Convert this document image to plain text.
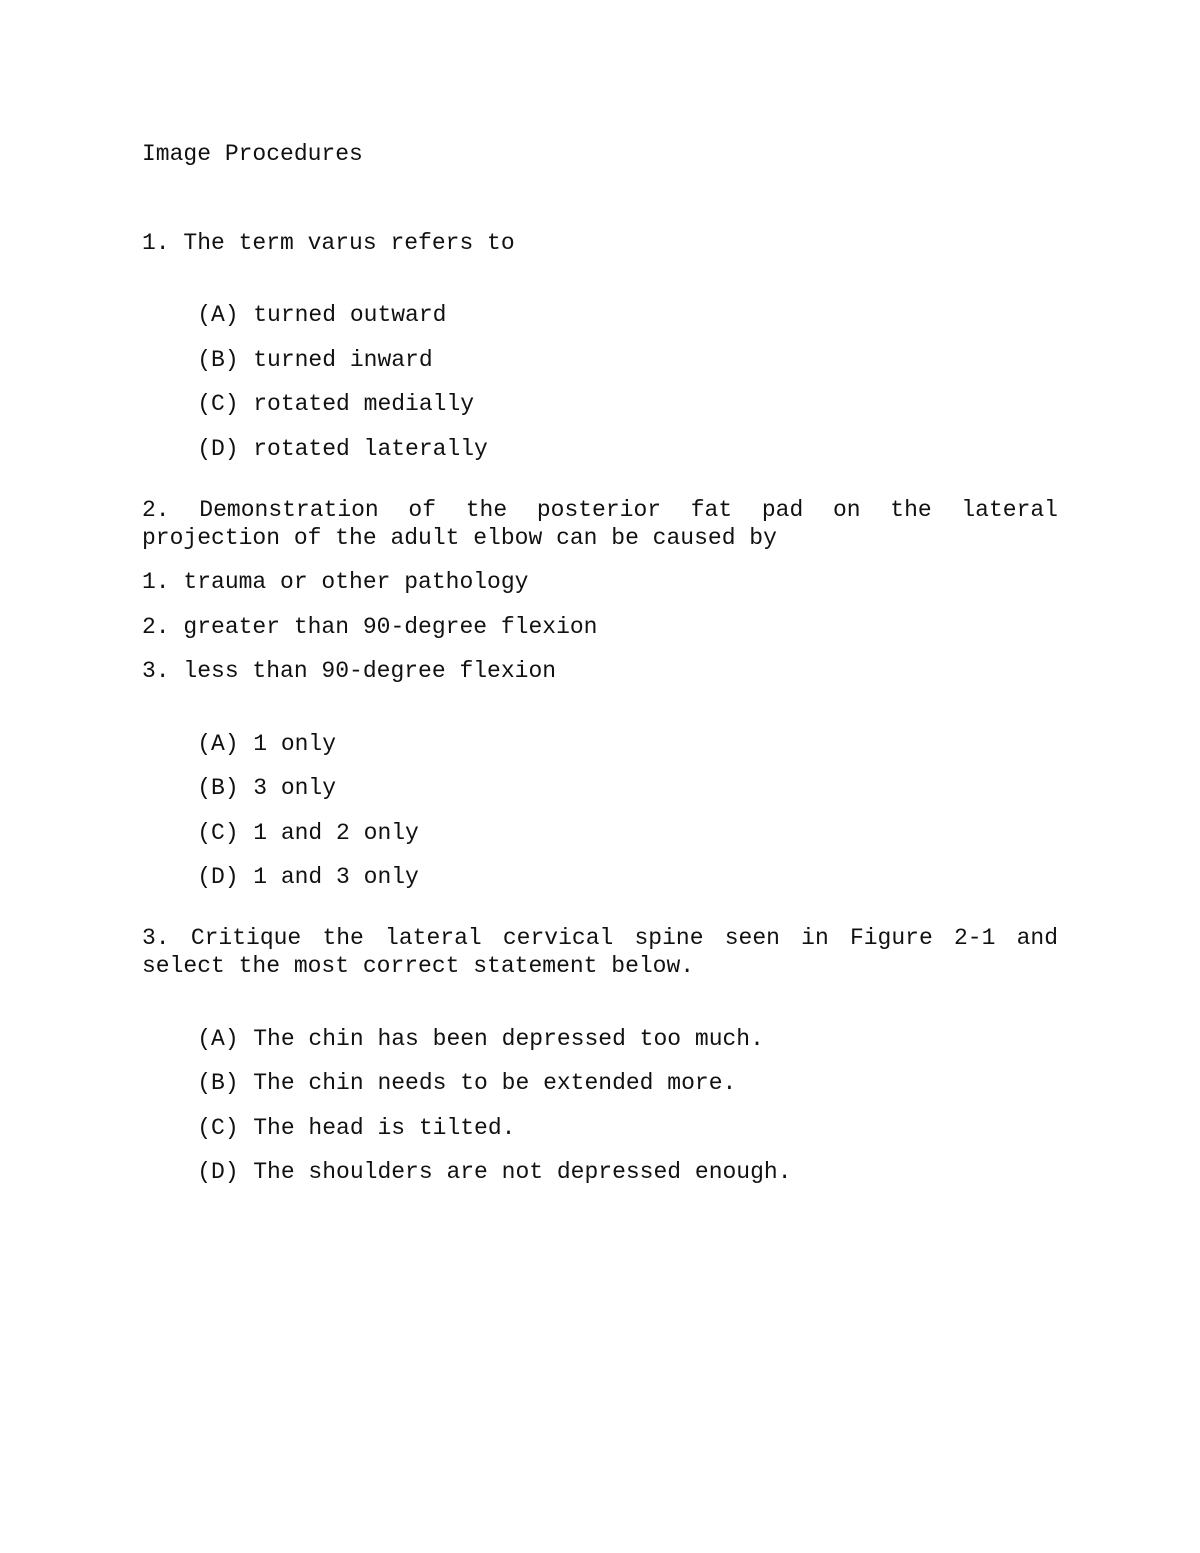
Image Procedures
1. The term varus refers to

(A) turned outward

(B) turned inward

(C) rotated medially

(D) rotated laterally

2. Demonstration of the posterior fat pad on the lateral projection of the adult elbow can be caused by
1. trauma or other pathology
2. greater than 90-degree flexion
3. less than 90-degree flexion

(A) 1 only

(B) 3 only

(C) 1 and 2 only

(D) 1 and 3 only

3. Critique the lateral cervical spine seen in Figure 2-1 and select the most correct statement below.

(A) The chin has been depressed too much.

(B) The chin needs to be extended more.

(C) The head is tilted.

(D) The shoulders are not depressed enough.
